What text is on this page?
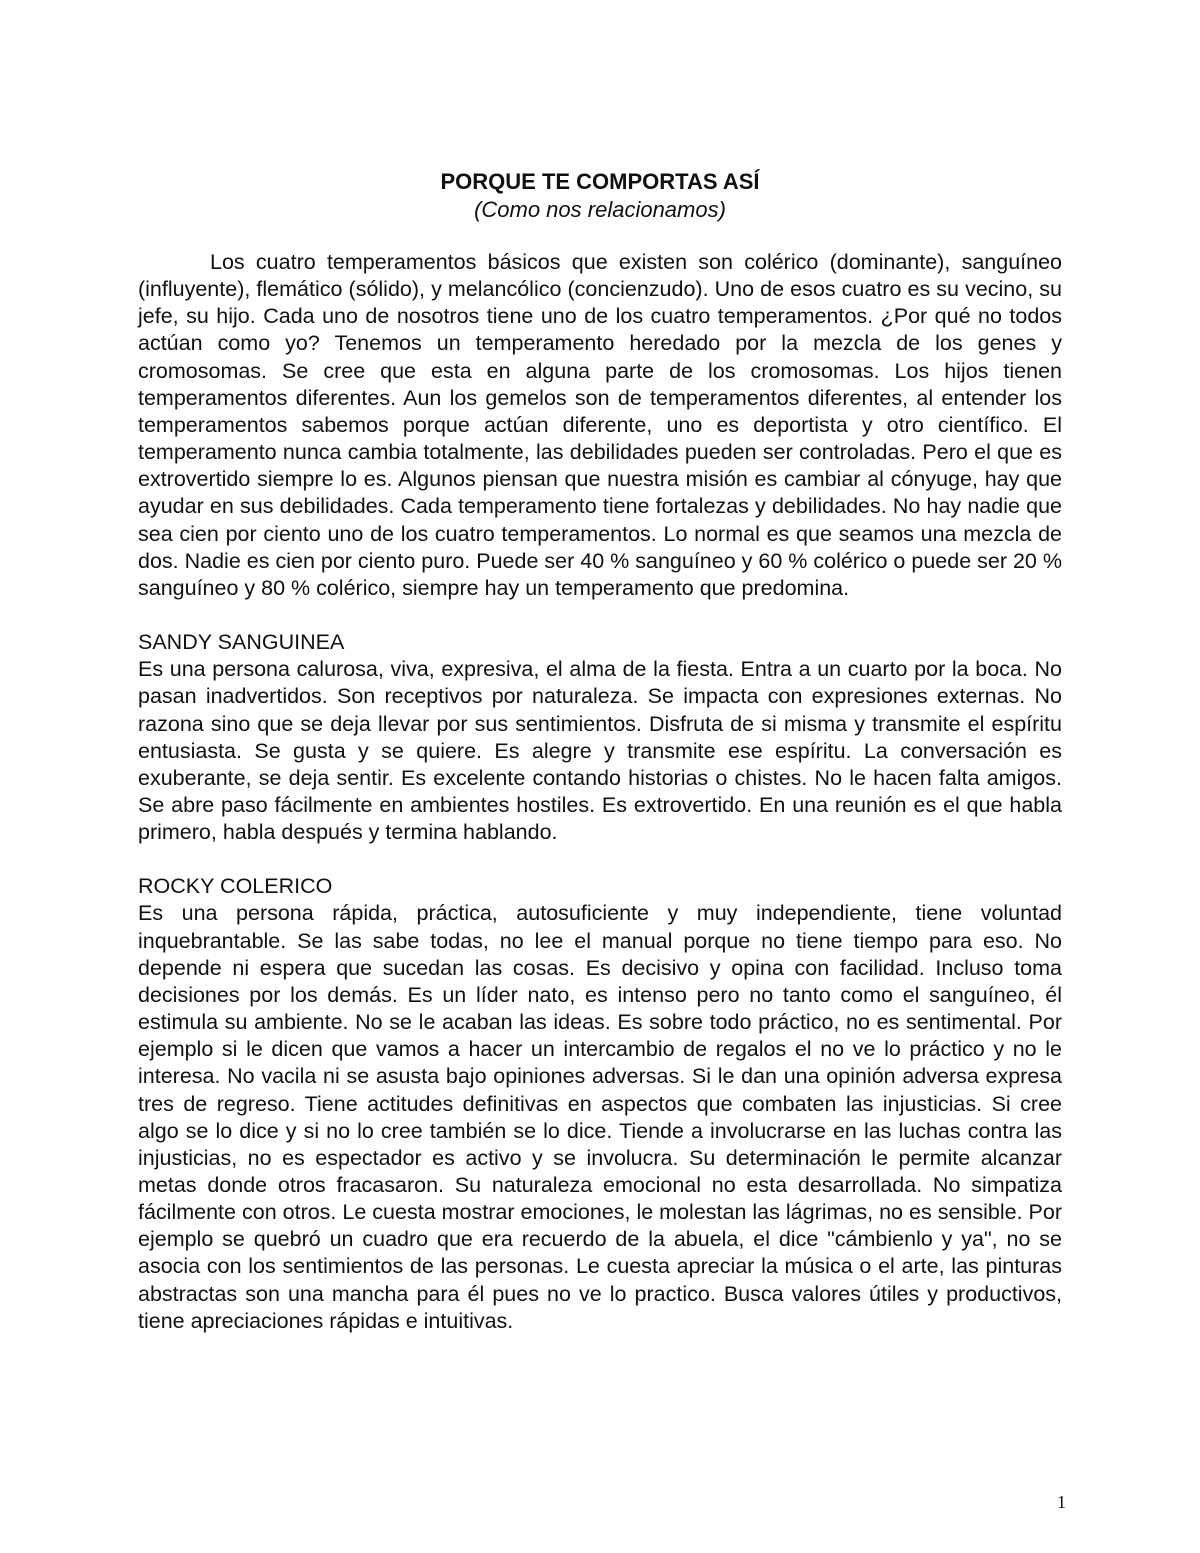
PORQUE TE COMPORTAS ASÍ

(Como nos relacionamos)

Los cuatro temperamentos básicos que existen son colérico (dominante), sanguíneo (influyente), flemático (sólido), y melancólico (concienzudo). Uno de esos cuatro es su vecino, su jefe, su hijo. Cada uno de nosotros tiene uno de los cuatro temperamentos. ¿Por qué no todos actúan como yo? Tenemos un temperamento heredado por la mezcla de los genes y cromosomas. Se cree que esta en alguna parte de los cromosomas. Los hijos tienen temperamentos diferentes. Aun los gemelos son de temperamentos diferentes, al entender los temperamentos sabemos porque actúan diferente, uno es deportista y otro científico. El temperamento nunca cambia totalmente, las debilidades pueden ser controladas. Pero el que es extrovertido siempre lo es. Algunos piensan que nuestra misión es cambiar al cónyuge, hay que ayudar en sus debilidades. Cada temperamento tiene fortalezas y debilidades. No hay nadie que sea cien por ciento uno de los cuatro temperamentos. Lo normal es que seamos una mezcla de dos. Nadie es cien por ciento puro. Puede ser 40 % sanguíneo y 60 % colérico o puede ser 20 % sanguíneo y 80 % colérico, siempre hay un temperamento que predomina.

SANDY SANGUINEA

Es una persona calurosa, viva, expresiva, el alma de la fiesta. Entra a un cuarto por la boca. No pasan inadvertidos. Son receptivos por naturaleza. Se impacta con expresiones externas. No razona sino que se deja llevar por sus sentimientos. Disfruta de si misma y transmite el espíritu entusiasta. Se gusta y se quiere. Es alegre y transmite ese espíritu. La conversación es exuberante, se deja sentir. Es excelente contando historias o chistes. No le hacen falta amigos. Se abre paso fácilmente en ambientes hostiles. Es extrovertido. En una reunión es el que habla primero, habla después y termina hablando.

ROCKY COLERICO

Es una persona rápida, práctica, autosuficiente y muy independiente, tiene voluntad inquebrantable. Se las sabe todas, no lee el manual porque no tiene tiempo para eso. No depende ni espera que sucedan las cosas. Es decisivo y opina con facilidad. Incluso toma decisiones por los demás. Es un líder nato, es intenso pero no tanto como el sanguíneo, él estimula su ambiente. No se le acaban las ideas. Es sobre todo práctico, no es sentimental. Por ejemplo si le dicen que vamos a hacer un intercambio de regalos el no ve lo práctico y no le interesa. No vacila ni se asusta bajo opiniones adversas. Si le dan una opinión adversa expresa tres de regreso. Tiene actitudes definitivas en aspectos que combaten las injusticias. Si cree algo se lo dice y si no lo cree también se lo dice. Tiende a involucrarse en las luchas contra las injusticias, no es espectador es activo y se involucra. Su determinación le permite alcanzar metas donde otros fracasaron. Su naturaleza emocional no esta desarrollada. No simpatiza fácilmente con otros. Le cuesta mostrar emociones, le molestan las lágrimas, no es sensible. Por ejemplo se quebró un cuadro que era recuerdo de la abuela, el dice "cámbienlo y ya", no se asocia con los sentimientos de las personas. Le cuesta apreciar la música o el arte, las pinturas abstractas son una mancha para él pues no ve lo practico. Busca valores útiles y productivos, tiene apreciaciones rápidas e intuitivas.

1
